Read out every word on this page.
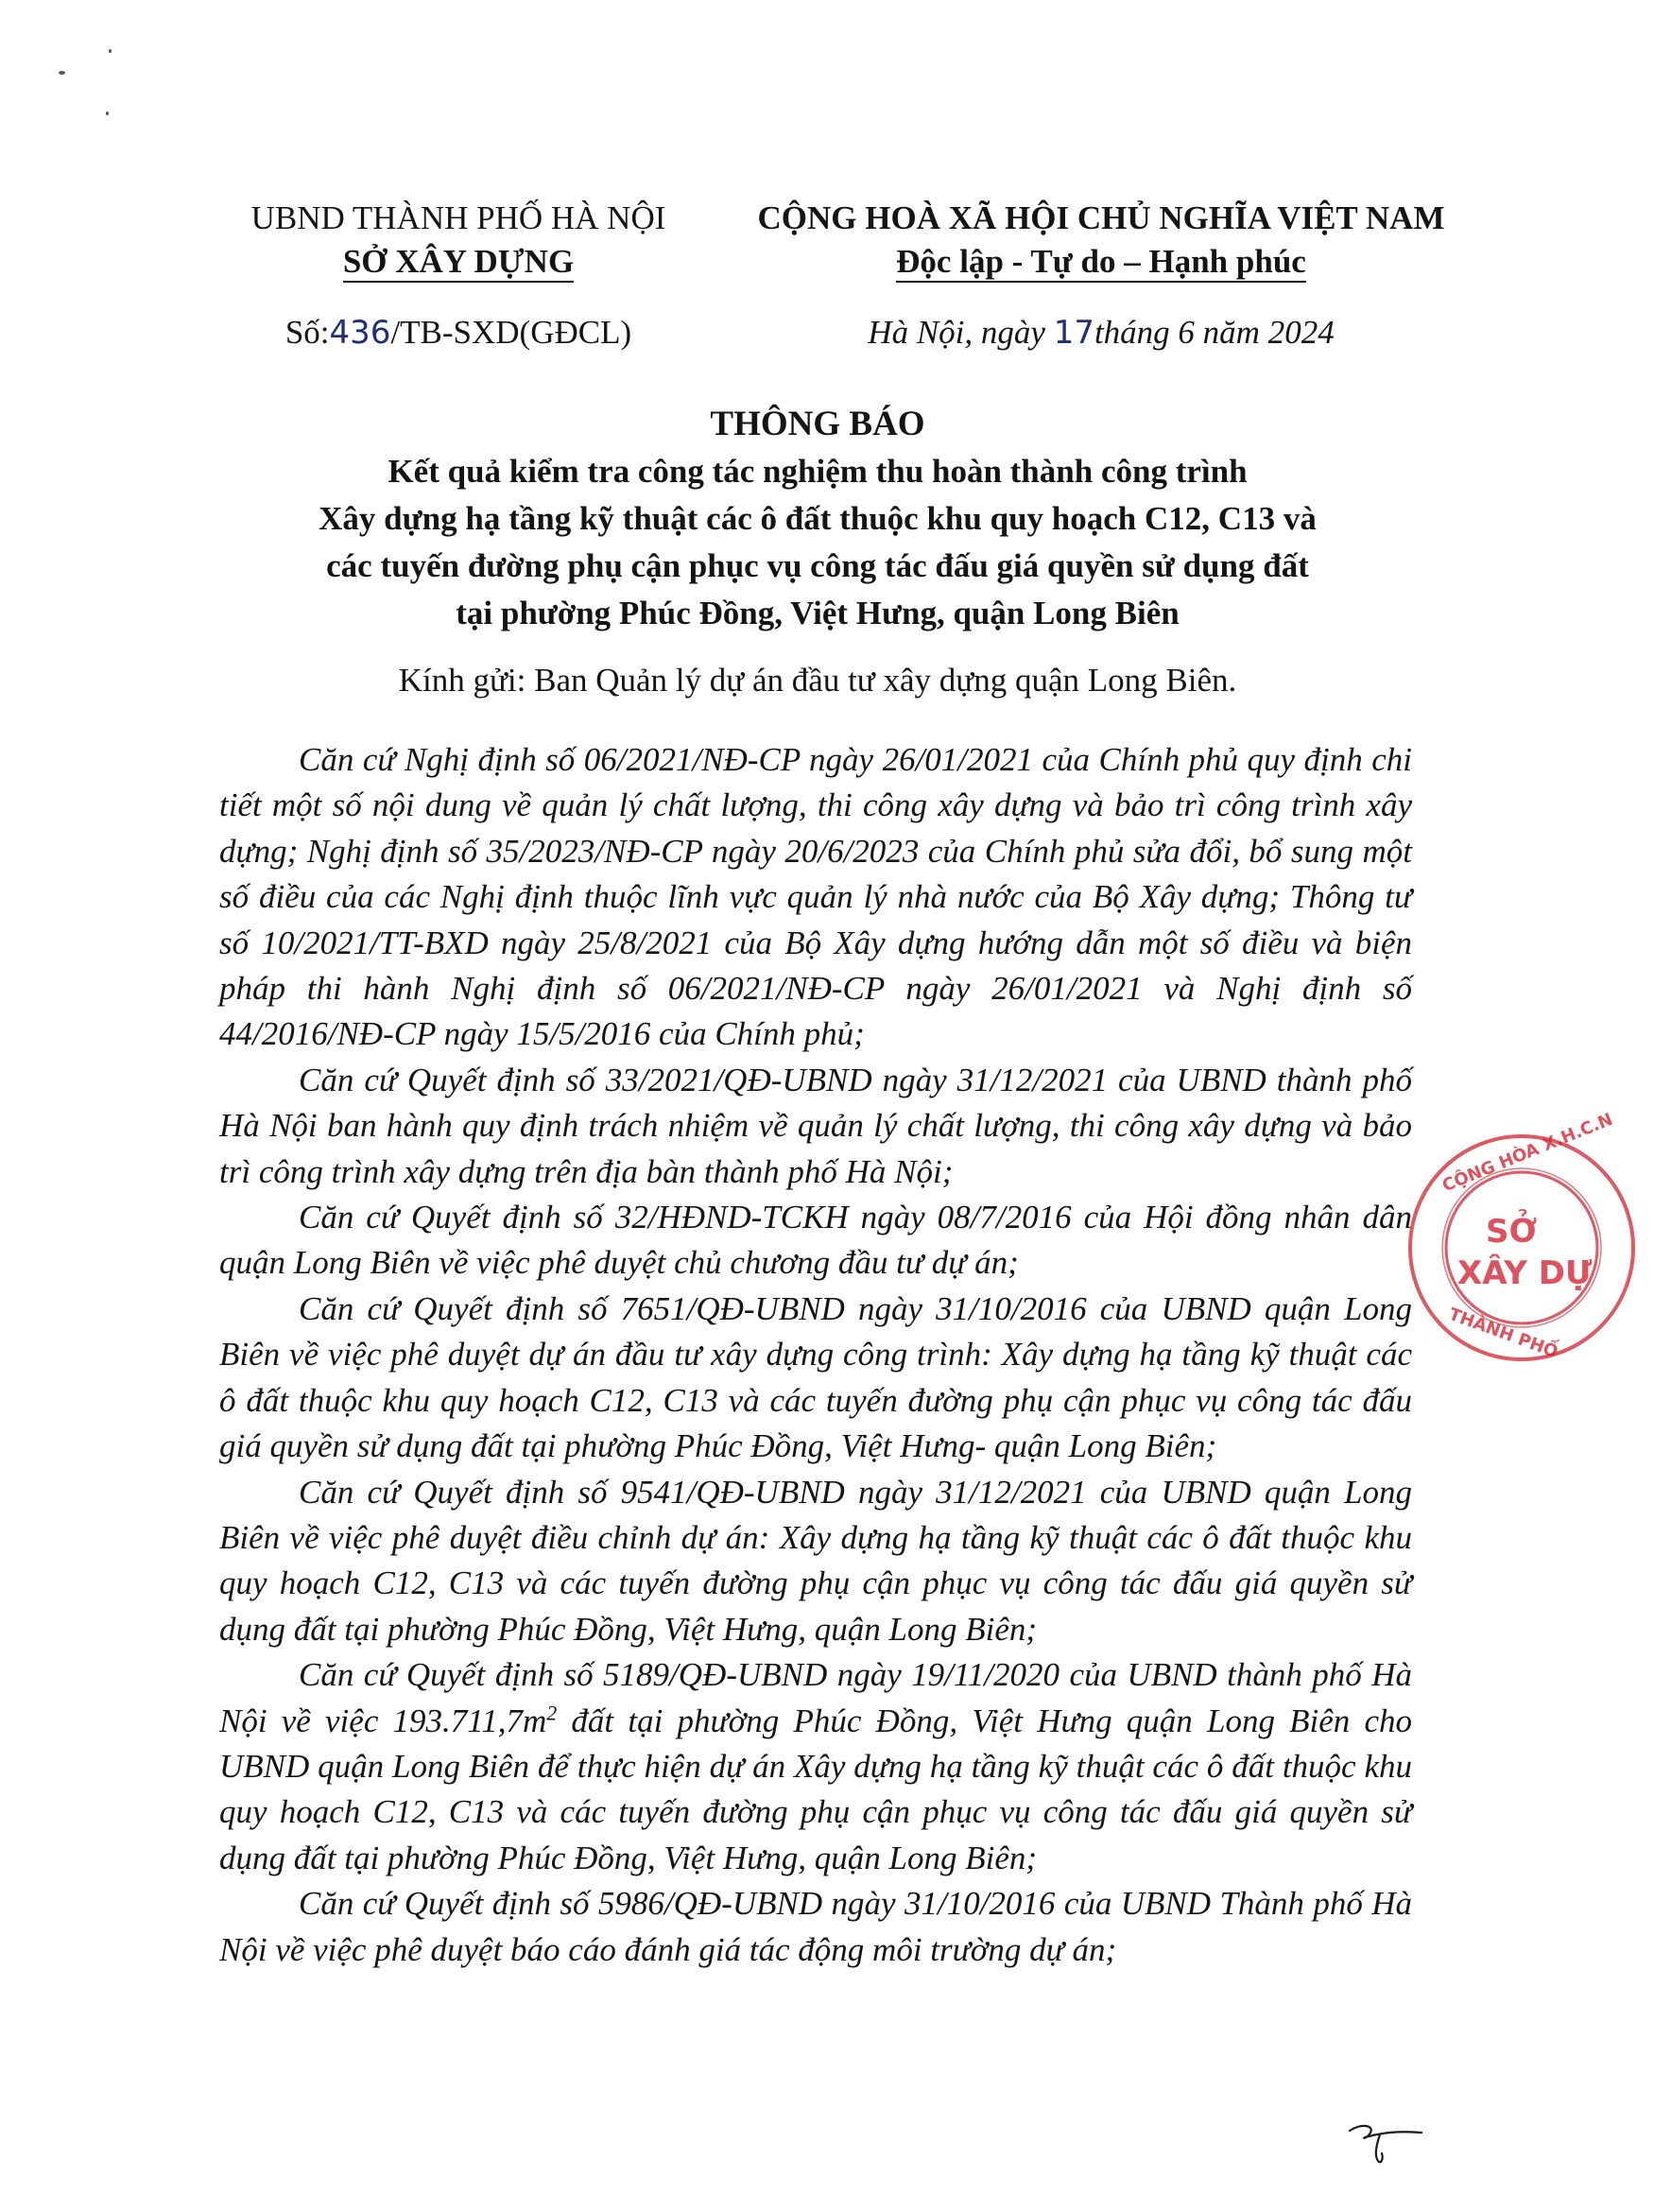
UBND THÀNH PHỐ HÀ NỘI
SỞ XÂY DỰNG
CỘNG HOÀ XÃ HỘI CHỦ NGHĨA VIỆT NAM
Độc lập - Tự do – Hạnh phúc
Số:436/TB-SXD(GĐCL)	Hà Nội, ngày 17tháng 6 năm 2024
THÔNG BÁO
Kết quả kiểm tra công tác nghiệm thu hoàn thành công trình
Xây dựng hạ tầng kỹ thuật các ô đất thuộc khu quy hoạch C12, C13 và
các tuyến đường phụ cận phục vụ công tác đấu giá quyền sử dụng đất
tại phường Phúc Đồng, Việt Hưng, quận Long Biên
Kính gửi: Ban Quản lý dự án đầu tư xây dựng quận Long Biên.

Căn cứ Nghị định số 06/2021/NĐ-CP ngày 26/01/2021 của Chính phủ quy định chi tiết một số nội dung về quản lý chất lượng, thi công xây dựng và bảo trì công trình xây dựng; Nghị định số 35/2023/NĐ-CP ngày 20/6/2023 của Chính phủ sửa đổi, bổ sung một số điều của các Nghị định thuộc lĩnh vực quản lý nhà nước của Bộ Xây dựng; Thông tư số 10/2021/TT-BXD ngày 25/8/2021 của Bộ Xây dựng hướng dẫn một số điều và biện pháp thi hành Nghị định số 06/2021/NĐ-CP ngày 26/01/2021 và Nghị định số 44/2016/NĐ-CP ngày 15/5/2016 của Chính phủ;

Căn cứ Quyết định số 33/2021/QĐ-UBND ngày 31/12/2021 của UBND thành phố Hà Nội ban hành quy định trách nhiệm về quản lý chất lượng, thi công xây dựng và bảo trì công trình xây dựng trên địa bàn thành phố Hà Nội;

Căn cứ Quyết định số 32/HĐND-TCKH ngày 08/7/2016 của Hội đồng nhân dân quận Long Biên về việc phê duyệt chủ chương đầu tư dự án;

Căn cứ Quyết định số 7651/QĐ-UBND ngày 31/10/2016 của UBND quận Long Biên về việc phê duyệt dự án đầu tư xây dựng công trình: Xây dựng hạ tầng kỹ thuật các ô đất thuộc khu quy hoạch C12, C13 và các tuyến đường phụ cận phục vụ công tác đấu giá quyền sử dụng đất tại phường Phúc Đồng, Việt Hưng- quận Long Biên;

Căn cứ Quyết định số 9541/QĐ-UBND ngày 31/12/2021 của UBND quận Long Biên về việc phê duyệt điều chỉnh dự án: Xây dựng hạ tầng kỹ thuật các ô đất thuộc khu quy hoạch C12, C13 và các tuyến đường phụ cận phục vụ công tác đấu giá quyền sử dụng đất tại phường Phúc Đồng, Việt Hưng, quận Long Biên;

Căn cứ Quyết định số 5189/QĐ-UBND ngày 19/11/2020 của UBND thành phố Hà Nội về việc $193.711,7m^2$ đất tại phường Phúc Đồng, Việt Hưng quận Long Biên cho UBND quận Long Biên để thực hiện dự án Xây dựng hạ tầng kỹ thuật các ô đất thuộc khu quy hoạch C12, C13 và các tuyến đường phụ cận phục vụ công tác đấu giá quyền sử dụng đất tại phường Phúc Đồng, Việt Hưng, quận Long Biên;

Căn cứ Quyết định số 5986/QĐ-UBND ngày 31/10/2016 của UBND Thành phố Hà Nội về việc phê duyệt báo cáo đánh giá tác động môi trường dự án;

CỘNG HÒA X.H.C.N
THÀNH PHỐ
SỞ
XÂY DỰ
